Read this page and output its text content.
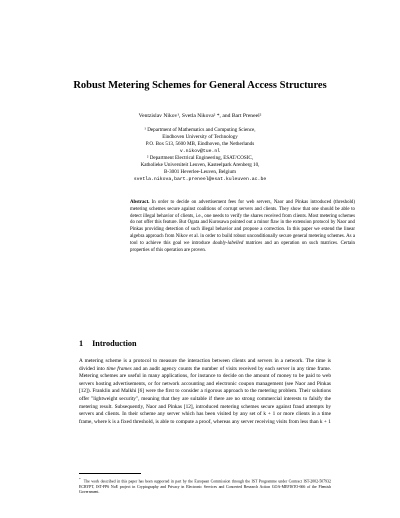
Robust Metering Schemes for General Access Structures
Ventzislav Nikov¹, Svetla Nikova² *, and Bart Preneel²
¹ Department of Mathematics and Computing Science,
Eindhoven University of Technology
P.O. Box 513, 5600 MB, Eindhoven, the Netherlands
v.nikov@tue.nl
² Department Electrical Engineering, ESAT/COSIC,
Katholieke Universiteit Leuven, Kasteelpark Arenberg 10,
B-3001 Heverlee-Leuven, Belgium
svetla.nikova,bart.preneel@esat.kuleuven.ac.be
Abstract. In order to decide on advertisement fees for web servers, Naor and Pinkas introduced (threshold) metering schemes secure against coalitions of corrupt servers and clients. They show that one should be able to detect illegal behavior of clients, i.e., one needs to verify the shares received from clients. Most metering schemes do not offer this feature. But Ogata and Kurosawa pointed out a minor flaw in the extension protocol by Naor and Pinkas providing detection of such illegal behavior and propose a correction. In this paper we extend the linear algebra approach from Nikov et al. in order to build robust unconditionally secure general metering schemes. As a tool to achieve this goal we introduce doubly-labelled matrices and an operation on such matrices. Certain properties of this operation are proven.
1 Introduction
A metering scheme is a protocol to measure the interaction between clients and servers in a network. The time is divided into time frames and an audit agency counts the number of visits received by each server in any time frame. Metering schemes are useful in many applications, for instance to decide on the amount of money to be paid to web servers hosting advertisements, or for network accounting and electronic coupon management (see Naor and Pinkas [12]). Franklin and Malkhi [6] were the first to consider a rigorous approach to the metering problem. Their solutions offer "lightweight security", meaning that they are suitable if there are no strong commercial interests to falsify the metering result. Subsequently, Naor and Pinkas [12], introduced metering schemes secure against fraud attempts by servers and clients. In their scheme any server which has been visited by any set of k + 1 or more clients in a time frame, where k is a fixed threshold, is able to compute a proof, whereas any server receiving visits from less than k + 1
*The work described in this paper has been supported in part by the European Commission through the IST Programme under Contract IST-2002-507932 ECRYPT, IST-FP6 NoE project in Cryptography and Privacy in Electronic Services and Concerted Research Action GOA-MEFISTO-666 of the Flemish Government.
